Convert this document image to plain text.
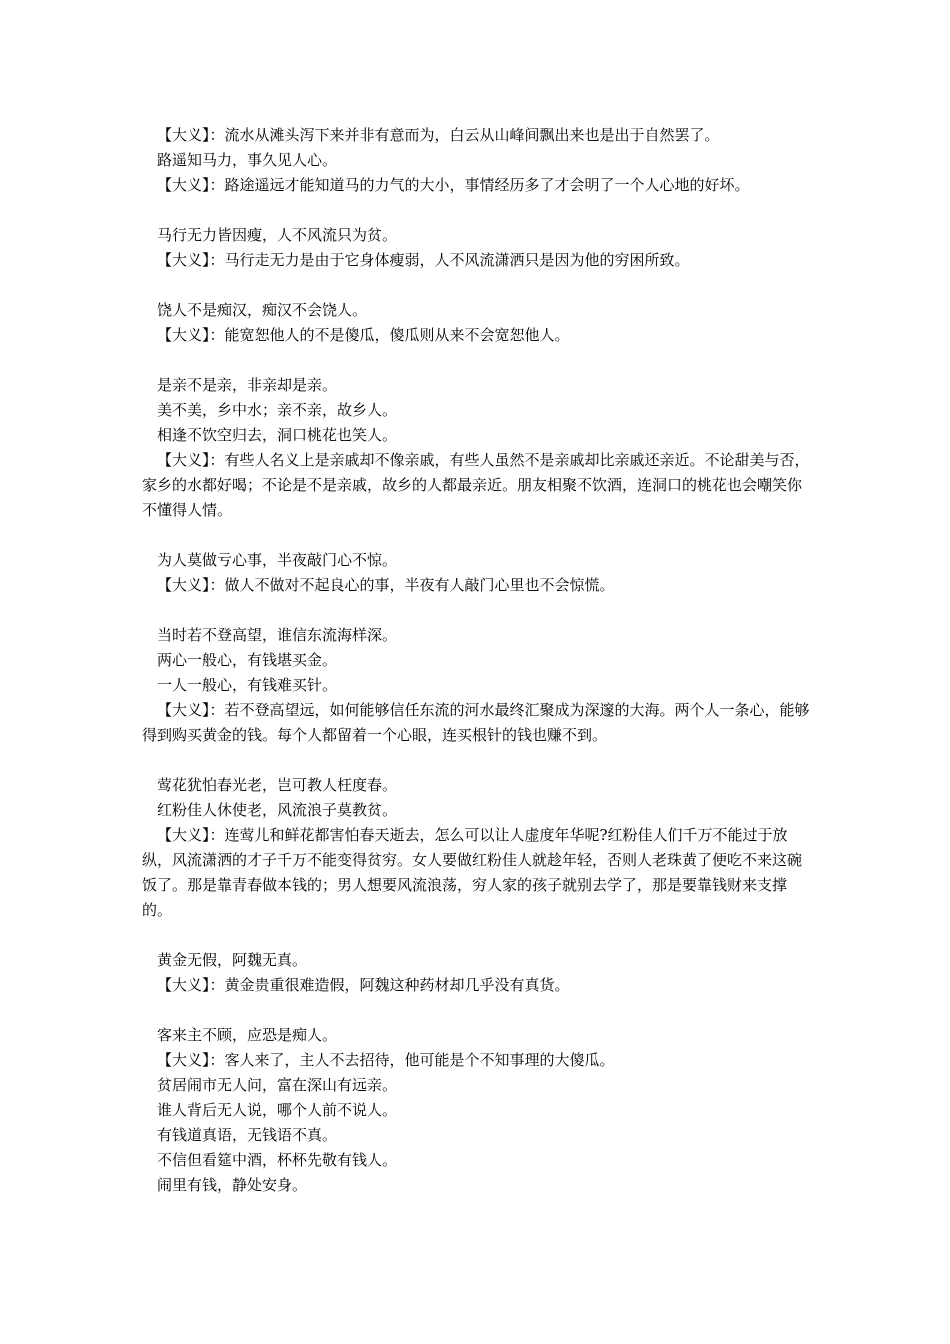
【大义】：流水从滩头泻下来并非有意而为，白云从山峰间飘出来也是出于自然罢了。

路遥知马力，事久见人心。

【大义】：路途遥远才能知道马的力气的大小，事情经历多了才会明了一个人心地的好坏。

马行无力皆因瘦，人不风流只为贫。

【大义】：马行走无力是由于它身体瘦弱，人不风流潇洒只是因为他的穷困所致。

饶人不是痴汉，痴汉不会饶人。

【大义】：能宽恕他人的不是傻瓜，傻瓜则从来不会宽恕他人。

是亲不是亲，非亲却是亲。

美不美，乡中水；亲不亲，故乡人。

相逢不饮空归去，洞口桃花也笑人。

【大义】：有些人名义上是亲戚却不像亲戚，有些人虽然不是亲戚却比亲戚还亲近。不论甜美与否，家乡的水都好喝；不论是不是亲戚，故乡的人都最亲近。朋友相聚不饮酒，连洞口的桃花也会嘲笑你不懂得人情。

为人莫做亏心事，半夜敲门心不惊。

【大义】：做人不做对不起良心的事，半夜有人敲门心里也不会惊慌。

当时若不登高望，谁信东流海样深。

两心一般心，有钱堪买金。

一人一般心，有钱难买针。

【大义】：若不登高望远，如何能够信任东流的河水最终汇聚成为深邃的大海。两个人一条心，能够得到购买黄金的钱。每个人都留着一个心眼，连买根针的钱也赚不到。

莺花犹怕春光老，岂可教人枉度春。

红粉佳人休使老，风流浪子莫教贫。

【大义】：连莺儿和鲜花都害怕春天逝去，怎么可以让人虚度年华呢?红粉佳人们千万不能过于放纵，风流潇洒的才子千万不能变得贫穷。女人要做红粉佳人就趁年轻，否则人老珠黄了便吃不来这碗饭了。那是靠青春做本钱的；男人想要风流浪荡，穷人家的孩子就别去学了，那是要靠钱财来支撑的。

黄金无假，阿魏无真。

【大义】：黄金贵重很难造假，阿魏这种药材却几乎没有真货。

客来主不顾，应恐是痴人。

【大义】：客人来了，主人不去招待，他可能是个不知事理的大傻瓜。

贫居闹市无人问，富在深山有远亲。

谁人背后无人说，哪个人前不说人。

有钱道真语，无钱语不真。

不信但看筵中酒，杯杯先敬有钱人。

闹里有钱，静处安身。
